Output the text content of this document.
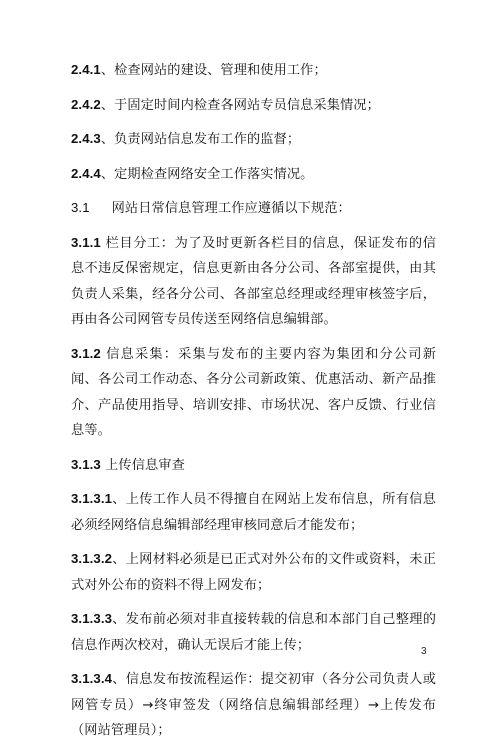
2.4.1、检查网站的建设、管理和使用工作；

2.4.2、于固定时间内检查各网站专员信息采集情况；

2.4.3、负责网站信息发布工作的监督；

2.4.4、定期检查网络安全工作落实情况。

3.1 网站日常信息管理工作应遵循以下规范：

3.1.1 栏目分工：为了及时更新各栏目的信息，保证发布的信息不违反保密规定，信息更新由各分公司、各部室提供，由其负责人采集，经各分公司、各部室总经理或经理审核签字后，再由各公司网管专员传送至网络信息编辑部。

3.1.2 信息采集：采集与发布的主要内容为集团和分公司新闻、各公司工作动态、各分公司新政策、优惠活动、新产品推介、产品使用指导、培训安排、市场状况、客户反馈、行业信息等。

3.1.3 上传信息审查

3.1.3.1、上传工作人员不得擅自在网站上发布信息，所有信息必须经网络信息编辑部经理审核同意后才能发布；

3.1.3.2、上网材料必须是已正式对外公布的文件或资料，未正式对外公布的资料不得上网发布；

3.1.3.3、发布前必须对非直接转载的信息和本部门自己整理的信息作两次校对，确认无误后才能上传；

3.1.3.4、信息发布按流程运作：提交初审（各分公司负责人或网管专员）→终审签发（网络信息编辑部经理）→上传发布（网站管理员）；

3
